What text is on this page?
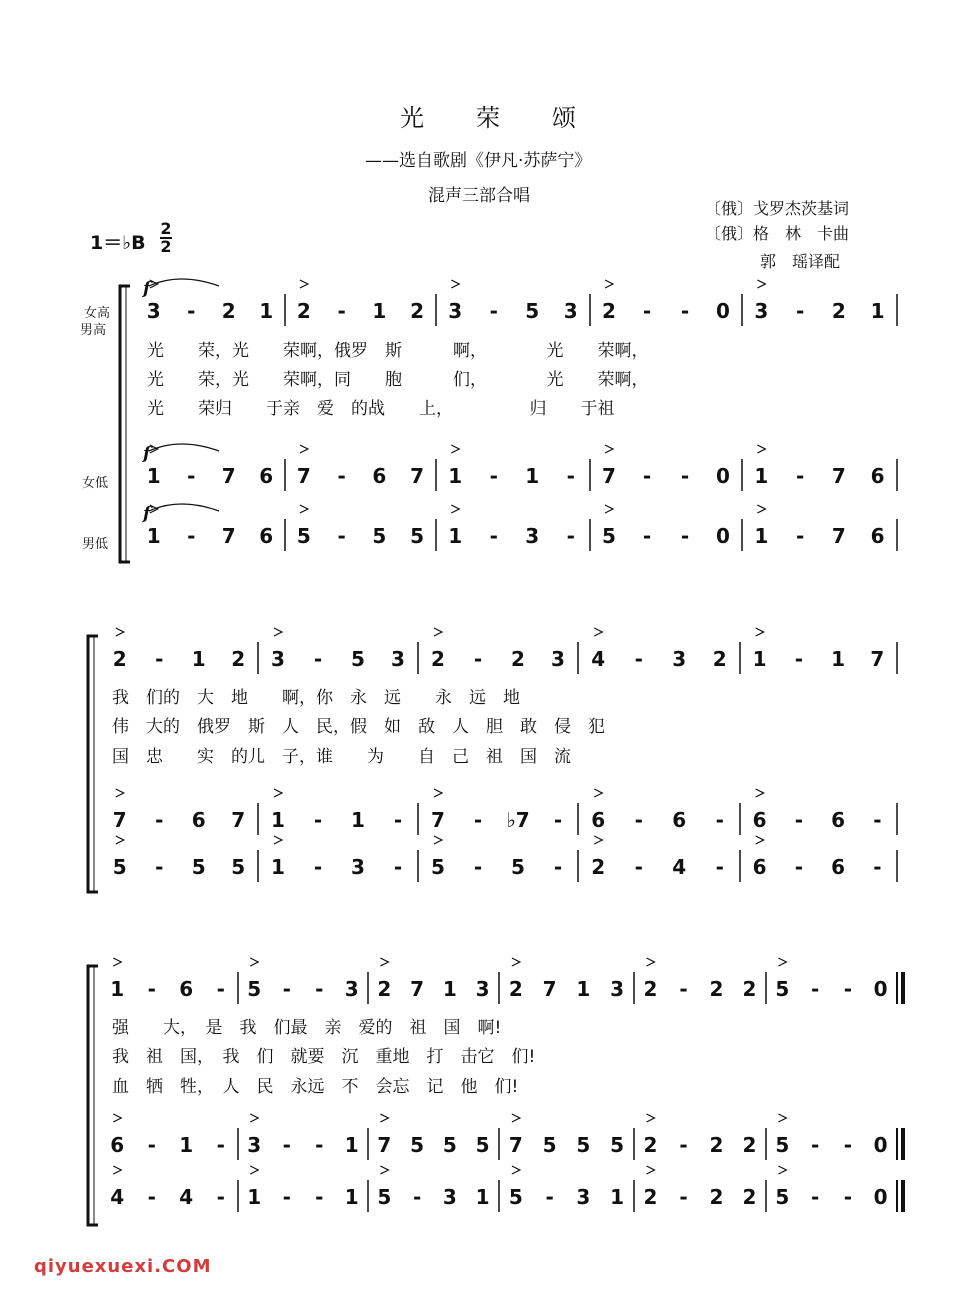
光荣颂
——选自歌剧《伊凡·苏萨宁》
混声三部合唱
〔俄〕戈罗杰茨基词
〔俄〕格　林　卡曲
郭　瑶译配
1＝♭B
2
2
qiyuexuexi.COM
3 - 2 1 2 - 1 2 3 - 5 3 2 - - 0 3 - 2 1
f
1 - 7 6 7 - 6 7 1 - 1 - 7 - - 0 1 - 7 6
f
1 - 7 6 5 - 5 5 1 - 3 - 5 - - 0 1 - 7 6
f
光　　荣，光　　荣啊，俄罗　斯　　　啊，　　　　光　　荣啊，
光　　荣，光　　荣啊，同　　胞　　　们，　　　　光　　荣啊，
光　　荣归　　于亲　爱　的战　　上，　　　　　归　　于祖
女高
男高
女低
男低
2 - 1 2 3 - 5 3 2 - 2 3 4 - 3 2 1 - 1 7
7 - 6 7 1 - 1 - 7 - ♭7 - 6 - 6 - 6 - 6 -
5 - 5 5 1 - 3 - 5 - 5 - 2 - 4 - 6 - 6 -
我　们的　大　地　　啊，你　永　远　　永　远　地
伟　大的　俄罗　斯　人　民，假　如　敌　人　胆　敢　侵　犯
国　忠　　实　的儿　子，谁　　为　　自　己　祖　国　流
1 - 6 - 5 - - 3 2 7 1 3 2 7 1 3 2 - 2 2 5 - - 0
6 - 1 - 3 - - 1 7 5 5 5 7 5 5 5 2 - 2 2 5 - - 0
4 - 4 - 1 - - 1 5 - 3 1 5 - 3 1 2 - 2 2 5 - - 0
强　　大，　是　我　们最　亲　爱的　祖　国　啊!
我　祖　国，　我　们　就要　沉　重地　打　击它　们!
血　牺　牲，　人　民　永远　不　会忘　记　他　们!
